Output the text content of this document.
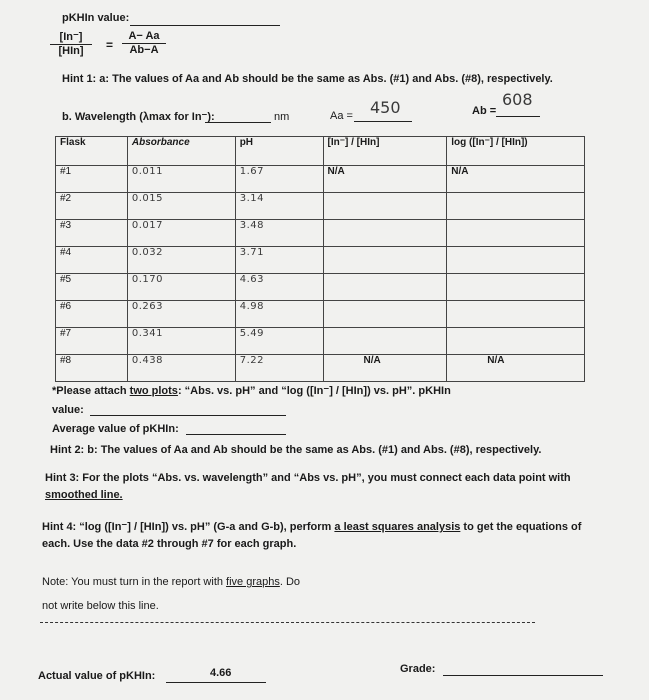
pKHIn value:
[In⁻]
[HIn]	= $\frac{A- Aa}{Ab-A}$
Hint 1: a: The values of Aa and Ab should be the same as Abs. (#1) and Abs. (#8), respectively.
b. Wavelength (λmax for In⁻):	nm	Aa = 450	Ab =
608
Flask	Absorbance	pH	[In⁻] / [HIn]	log ([In⁻] / [HIn])
#1	0.011	1.67	N/A	N/A
#2	0.015	3.14		
#3	0.017	3.48		
#4	0.032	3.71		
#5	0.170	4.63		
#6	0.263	4.98		
#7	0.341	5.49		
#8	0.438	7.22	N/A	N/A
*Please attach two plots: “Abs. vs. pH” and “log ([In⁻] / [HIn]) vs. pH”. pKHIn
value:
Average value of pKHIn:
Hint 2: b: The values of Aa and Ab should be the same as Abs. (#1) and Abs. (#8), respectively.
Hint 3: For the plots “Abs. vs. wavelength” and “Abs vs. pH”, you must connect each data point with
smoothed line.
Hint 4: “log ([In⁻] / [HIn]) vs. pH” (G-a and G-b), perform a least squares analysis to get the equations of
each. Use the data #2 through #7 for each graph.
Note: You must turn in the report with five graphs. Do
not write below this line.
Actual value of pKHIn:	4.66	Grade:
